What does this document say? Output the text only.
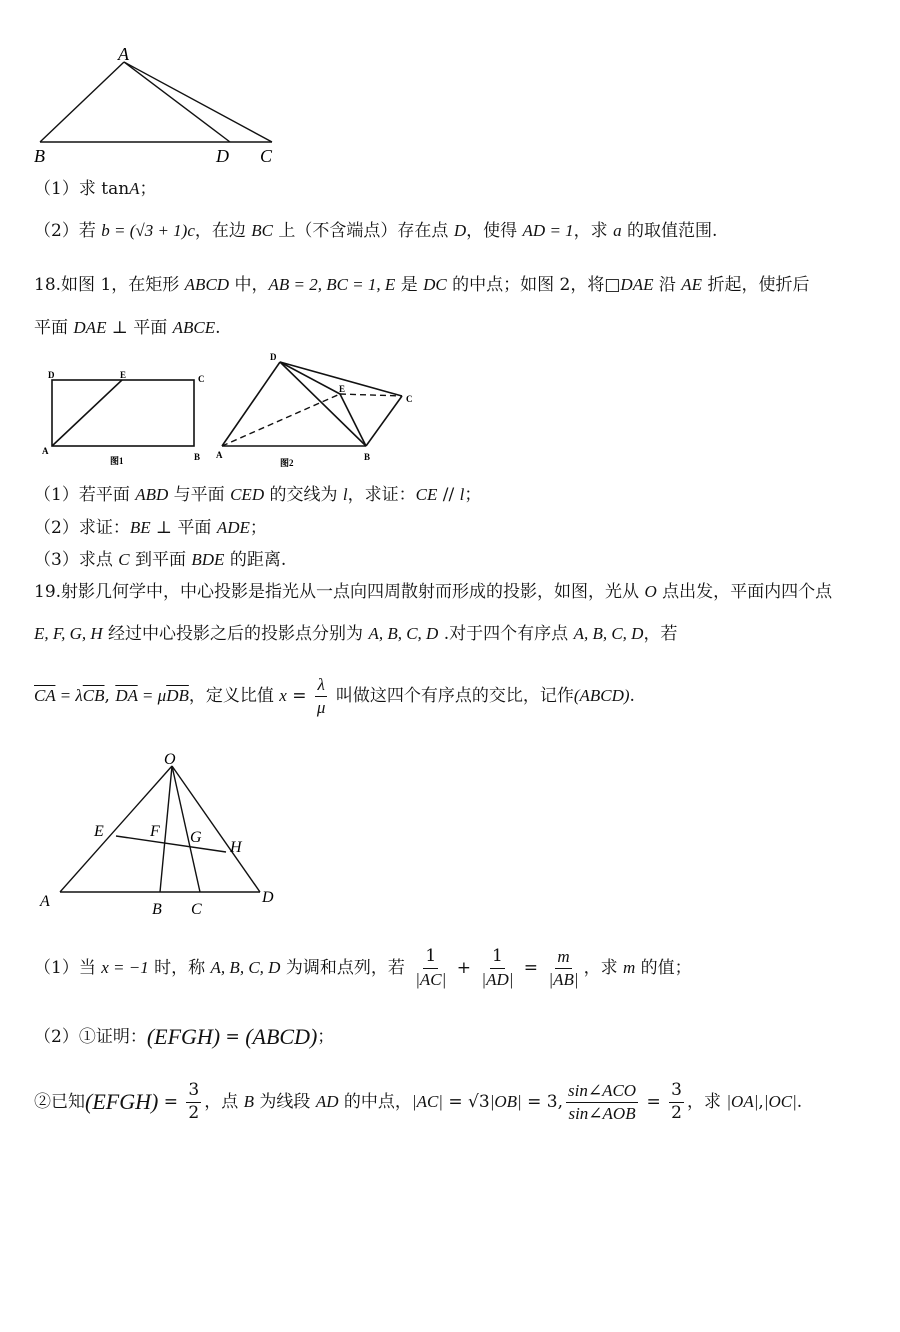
A
B	D C
（1）求 tanA；
（2）若 b = (√3 + 1)c，在边 BC 上（不含端点）存在点 D，使得 AD = 1，求 a 的取值范围.
18.如图 1，在矩形 ABCD 中，AB = 2, BC = 1, E 是 DC 的中点；如图 2，将□DAE 沿 AE 折起，使折后
平面 DAE ⊥ 平面 ABCE.
D	E	C
A
B
图1
D
E
C
A	B
图2
（1）若平面 ABD 与平面 CED 的交线为 l，求证：CE // l；
（2）求证：BE ⊥ 平面 ADE；
（3）求点 C 到平面 BDE 的距离.
19.射影几何学中，中心投影是指光从一点向四周散射而形成的投影，如图，光从 O 点出发，平面内四个点
E, F, G, H 经过中心投影之后的投影点分别为 A, B, C, D .对于四个有序点 A, B, C, D，若
$\overline{CA} = \lambda\overline{CB}$, $\overline{DA} = \mu\overline{DB}$，定义比值 $x = \frac{\lambda}{\mu}$ 叫做这四个有序点的交比，记作(ABCD).
O
E	F G
H
A	B C
D
（1）当 x = −1 时，称 A, B, C, D 为调和点列，若 $\frac{1}{|AC|} + \frac{1}{|AD|} = \frac{m}{|AB|}$ ，求 m 的值；
（2）①证明：(EFGH) = (ABCD)；
②已知(EFGH) = $\frac{3}{2}$ ，点 B 为线段 AD 的中点，|AC| = √3|OB| = 3, $\frac{\text{sin∠ACO}}{\text{sin∠AOB}} = \frac{3}{2}$ ，求 |OA|,|OC|.
